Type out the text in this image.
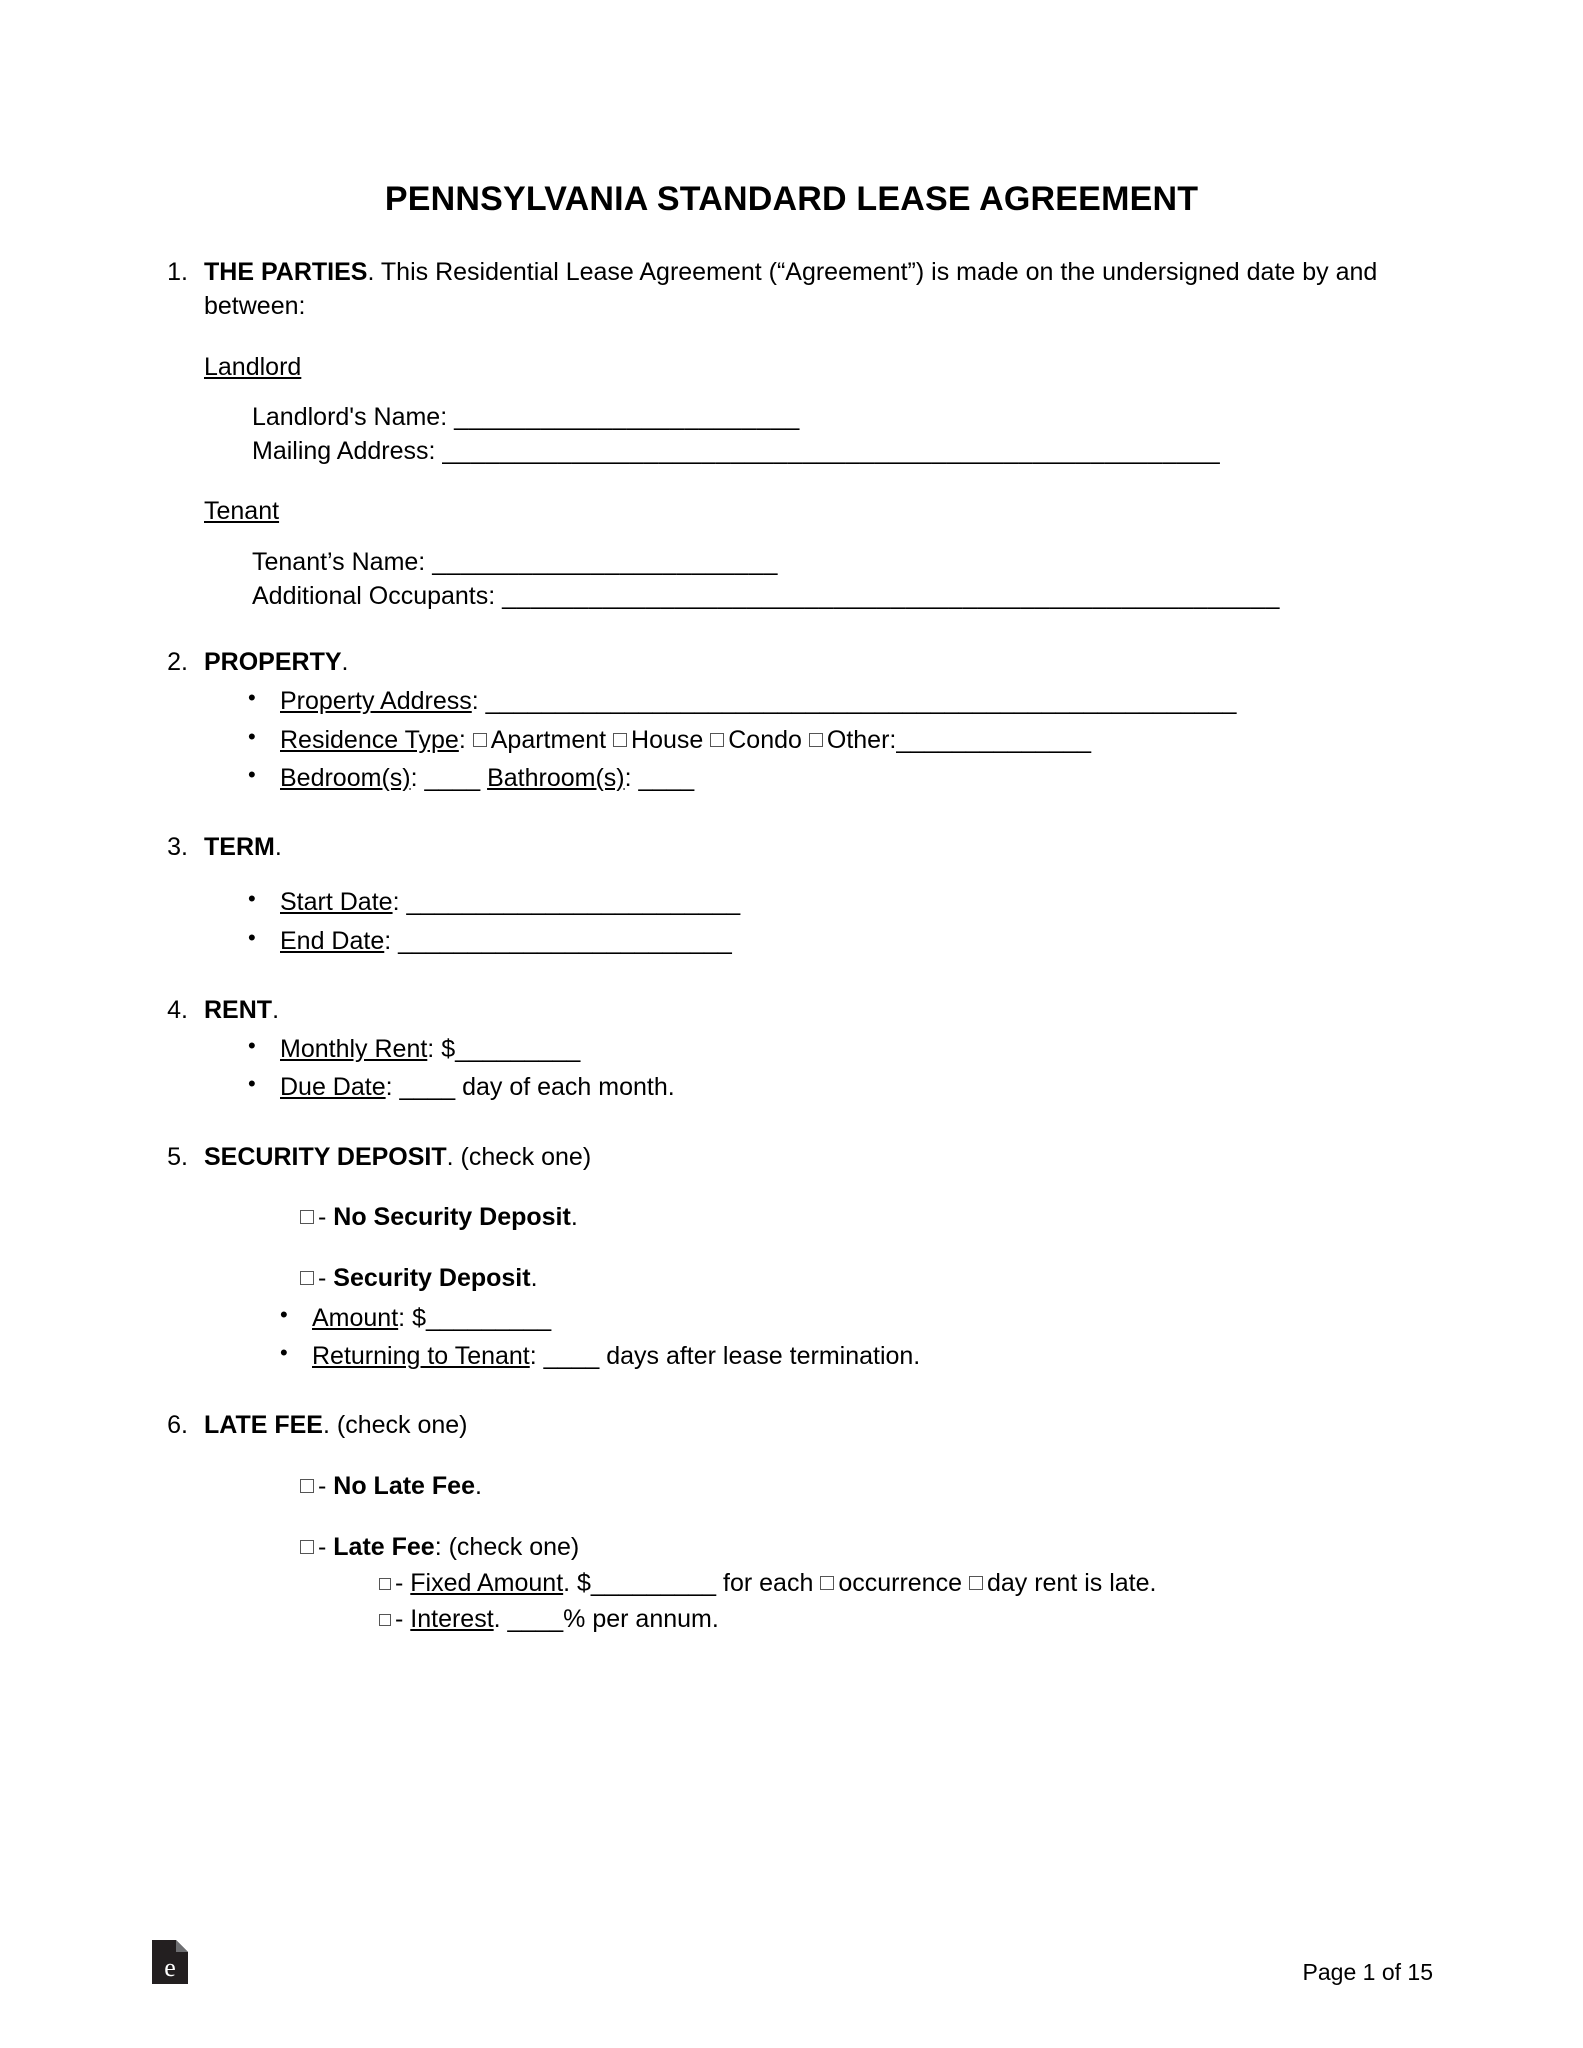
PENNSYLVANIA STANDARD LEASE AGREEMENT
1. THE PARTIES. This Residential Lease Agreement (“Agreement”) is made on the undersigned date by and between:
Landlord
Landlord's Name: ________________________
Mailing Address: ______________________________________________________
Tenant
Tenant’s Name: ________________________
Additional Occupants: ______________________________________________________
2. PROPERTY.
• Property Address: ______________________________________________________
• Residence Type: Apartment House Condo Other:______________
• Bedroom(s): ____ Bathroom(s): ____
3. TERM.
• Start Date: ________________________
• End Date: ________________________
4. RENT.
• Monthly Rent: $_________
• Due Date: ____ day of each month.
5. SECURITY DEPOSIT. (check one)
- No Security Deposit.
- Security Deposit.
• Amount: $_________
• Returning to Tenant: ____ days after lease termination.
6. LATE FEE. (check one)
- No Late Fee.
- Late Fee: (check one)
- Fixed Amount. $_________ for each occurrence day rent is late.
- Interest. ____% per annum.
e	Page 1 of 15
